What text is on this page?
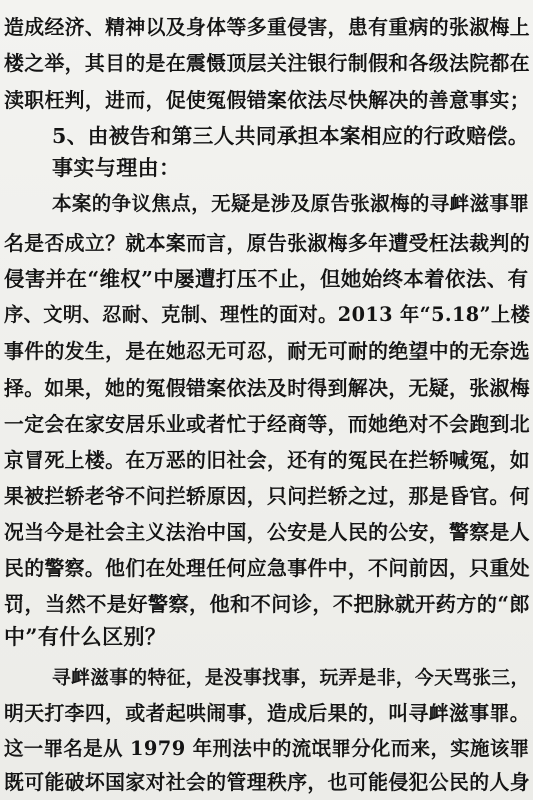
造成经济、精神以及身体等多重侵害，患有重病的张淑梅上
楼之举，其目的是在震慑顶层关注银行制假和各级法院都在
渎职枉判，进而，促使冤假错案依法尽快解决的善意事实；
5、由被告和第三人共同承担本案相应的行政赔偿。
事实与理由：
本案的争议焦点，无疑是涉及原告张淑梅的寻衅滋事罪
名是否成立？就本案而言，原告张淑梅多年遭受枉法裁判的
侵害并在“维权”中屡遭打压不止，但她始终本着依法、有
序、文明、忍耐、克制、理性的面对。2013 年“5.18”上楼
事件的发生，是在她忍无可忍，耐无可耐的绝望中的无奈选
择。如果，她的冤假错案依法及时得到解决，无疑，张淑梅
一定会在家安居乐业或者忙于经商等，而她绝对不会跑到北
京冒死上楼。在万恶的旧社会，还有的冤民在拦轿喊冤，如
果被拦轿老爷不问拦轿原因，只问拦轿之过，那是昏官。何
况当今是社会主义法治中国，公安是人民的公安，警察是人
民的警察。他们在处理任何应急事件中，不问前因，只重处
罚，当然不是好警察，他和不问诊，不把脉就开药方的“郎
中”有什么区别？
寻衅滋事的特征，是没事找事，玩弄是非，今天骂张三，
明天打李四，或者起哄闹事，造成后果的，叫寻衅滋事罪。
这一罪名是从 1979 年刑法中的流氓罪分化而来，实施该罪
既可能破坏国家对社会的管理秩序，也可能侵犯公民的人身
